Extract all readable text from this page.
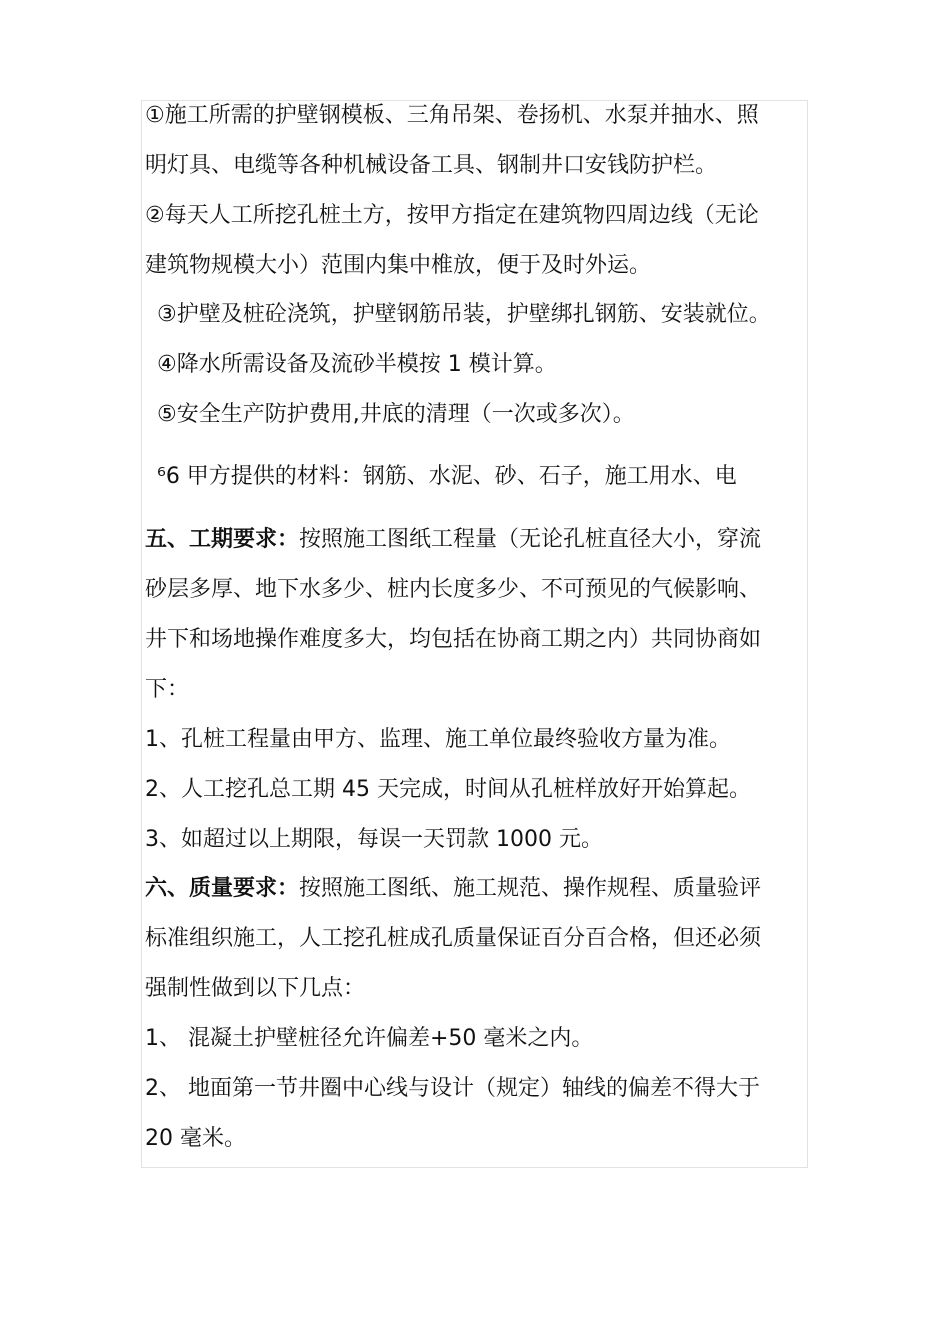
①施工所需的护壁钢模板、三角吊架、卷扬机、水泵并抽水、照
明灯具、电缆等各种机械设备工具、钢制井口安钱防护栏。
②每天人工所挖孔桩土方，按甲方指定在建筑物四周边线（无论
建筑物规模大小）范围内集中椎放，便于及时外运。
③护壁及桩砼浇筑，护壁钢筋吊装，护壁绑扎钢筋、安装就位。
④降水所需设备及流砂半模按 1 模计算。
⑤安全生产防护费用,井底的清理（一次或多次）。
⁶6 甲方提供的材料：钢筋、水泥、砂、石子，施工用水、电
五、工期要求：按照施工图纸工程量（无论孔桩直径大小，穿流
砂层多厚、地下水多少、桩内长度多少、不可预见的气候影响、
井下和场地操作难度多大，均包括在协商工期之内）共同协商如
下：
1、孔桩工程量由甲方、监理、施工单位最终验收方量为准。
2、人工挖孔总工期 45 天完成，时间从孔桩样放好开始算起。
3、如超过以上期限，每误一天罚款 1000 元。
六、质量要求：按照施工图纸、施工规范、操作规程、质量验评
标准组织施工，人工挖孔桩成孔质量保证百分百合格，但还必须
强制性做到以下几点：
1、 混凝土护壁桩径允许偏差+50 毫米之内。
2、 地面第一节井圈中心线与设计（规定）轴线的偏差不得大于
20 毫米。
